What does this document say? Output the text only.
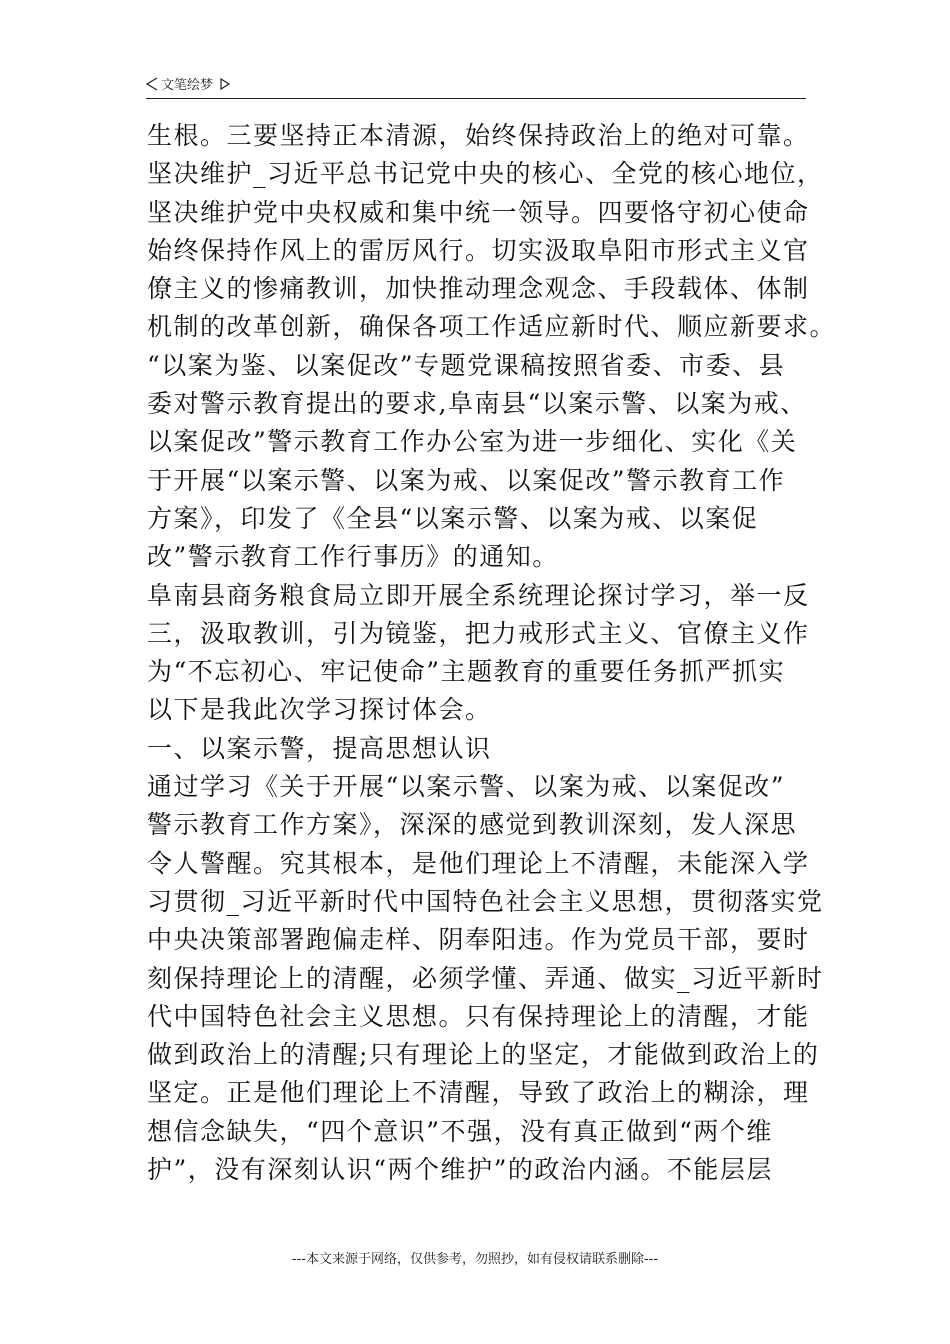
文笔绘梦
生根。三要坚持正本清源，始终保持政治上的绝对可靠。
坚决维护_习近平总书记党中央的核心、全党的核心地位，
坚决维护党中央权威和集中统一领导。四要恪守初心使命
始终保持作风上的雷厉风行。切实汲取阜阳市形式主义官
僚主义的惨痛教训，加快推动理念观念、手段载体、体制
机制的改革创新，确保各项工作适应新时代、顺应新要求。
“以案为鉴、以案促改”专题党课稿按照省委、市委、县
委对警示教育提出的要求,阜南县“以案示警、以案为戒、
以案促改”警示教育工作办公室为进一步细化、实化《关
于开展“以案示警、以案为戒、以案促改”警示教育工作
方案》，印发了《全县“以案示警、以案为戒、以案促
改”警示教育工作行事历》的通知。
阜南县商务粮食局立即开展全系统理论探讨学习，举一反
三，汲取教训，引为镜鉴，把力戒形式主义、官僚主义作
为“不忘初心、牢记使命”主题教育的重要任务抓严抓实
以下是我此次学习探讨体会。
一、以案示警，提高思想认识
通过学习《关于开展“以案示警、以案为戒、以案促改”
警示教育工作方案》，深深的感觉到教训深刻，发人深思
令人警醒。究其根本，是他们理论上不清醒，未能深入学
习贯彻_习近平新时代中国特色社会主义思想，贯彻落实党
中央决策部署跑偏走样、阴奉阳违。作为党员干部，要时
刻保持理论上的清醒，必须学懂、弄通、做实_习近平新时
代中国特色社会主义思想。只有保持理论上的清醒，才能
做到政治上的清醒;只有理论上的坚定，才能做到政治上的
坚定。正是他们理论上不清醒，导致了政治上的糊涂，理
想信念缺失，“四个意识”不强，没有真正做到“两个维
护”，没有深刻认识“两个维护”的政治内涵。不能层层
---本文来源于网络，仅供参考，勿照抄，如有侵权请联系删除---
